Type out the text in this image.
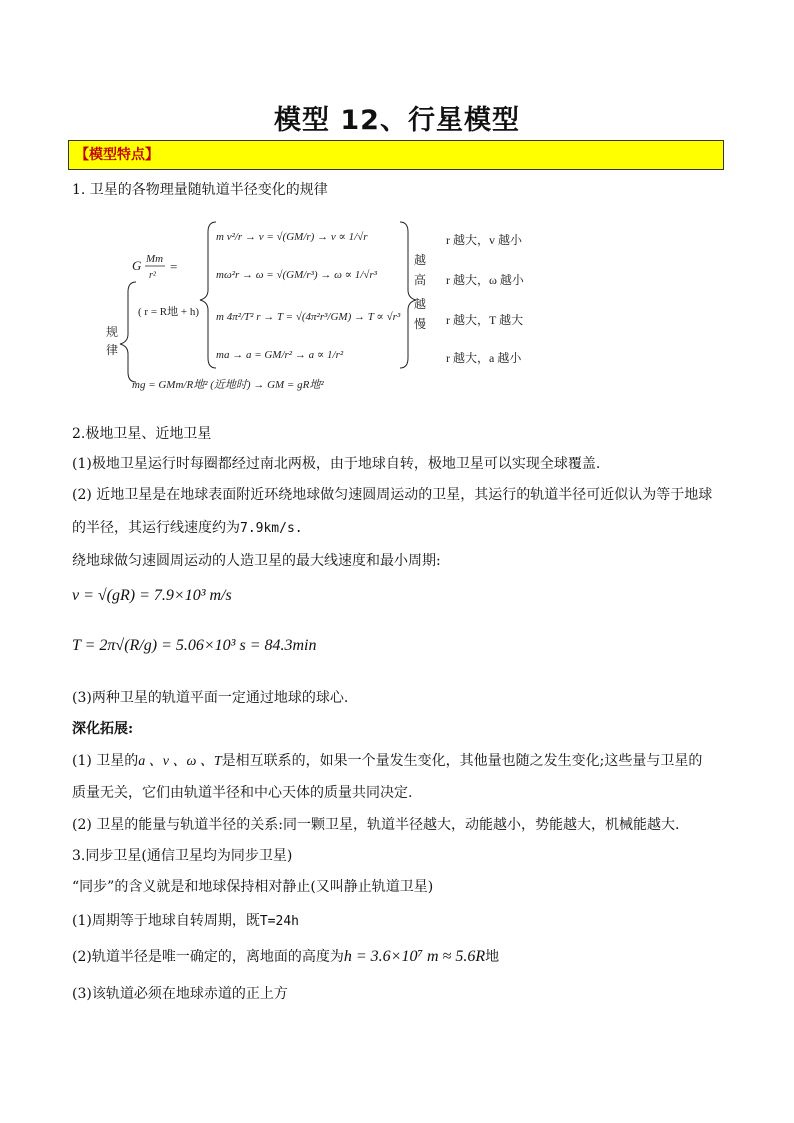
模型 12、行星模型
【模型特点】
1. 卫星的各物理量随轨道半径变化的规律
G Mm
r²
=
( r = R地 + h)
规
律
m v²/r → v = √(GM/r) → v ∝ 1/√r
mω²r → ω = √(GM/r³) → ω ∝ 1/√r³
m 4π²/T² r → T = √(4π²r³/GM) → T ∝ √r³
ma → a = GM/r² → a ∝ 1/r²
越
高
越
慢
r 越大，v 越小
r 越大，ω 越小
r 越大，T 越大
r 越大，a 越小
mg = GMm/R地² (近地时) → GM = gR地²
2.极地卫星、近地卫星
(1)极地卫星运行时每圈都经过南北两极，由于地球自转，极地卫星可以实现全球覆盖.
(2) 近地卫星是在地球表面附近环绕地球做匀速圆周运动的卫星，其运行的轨道半径可近似认为等于地球
的半径，其运行线速度约为7.9km/s.
绕地球做匀速圆周运动的人造卫星的最大线速度和最小周期:
v = √(gR) = 7.9×10³ m/s
T = 2π√(R/g) = 5.06×10³ s = 84.3min
(3)两种卫星的轨道平面一定通过地球的球心.
深化拓展:
(1) 卫星的a 、v 、ω 、T是相互联系的，如果一个量发生变化，其他量也随之发生变化;这些量与卫星的
质量无关，它们由轨道半径和中心天体的质量共同决定.
(2) 卫星的能量与轨道半径的关系:同一颗卫星，轨道半径越大，动能越小，势能越大，机械能越大.
3.同步卫星(通信卫星均为同步卫星)
“同步”的含义就是和地球保持相对静止(又叫静止轨道卫星)
(1)周期等于地球自转周期，既T=24h
(2)轨道半径是唯一确定的，离地面的高度为h = 3.6×10⁷ m ≈ 5.6R地
(3)该轨道必须在地球赤道的正上方
